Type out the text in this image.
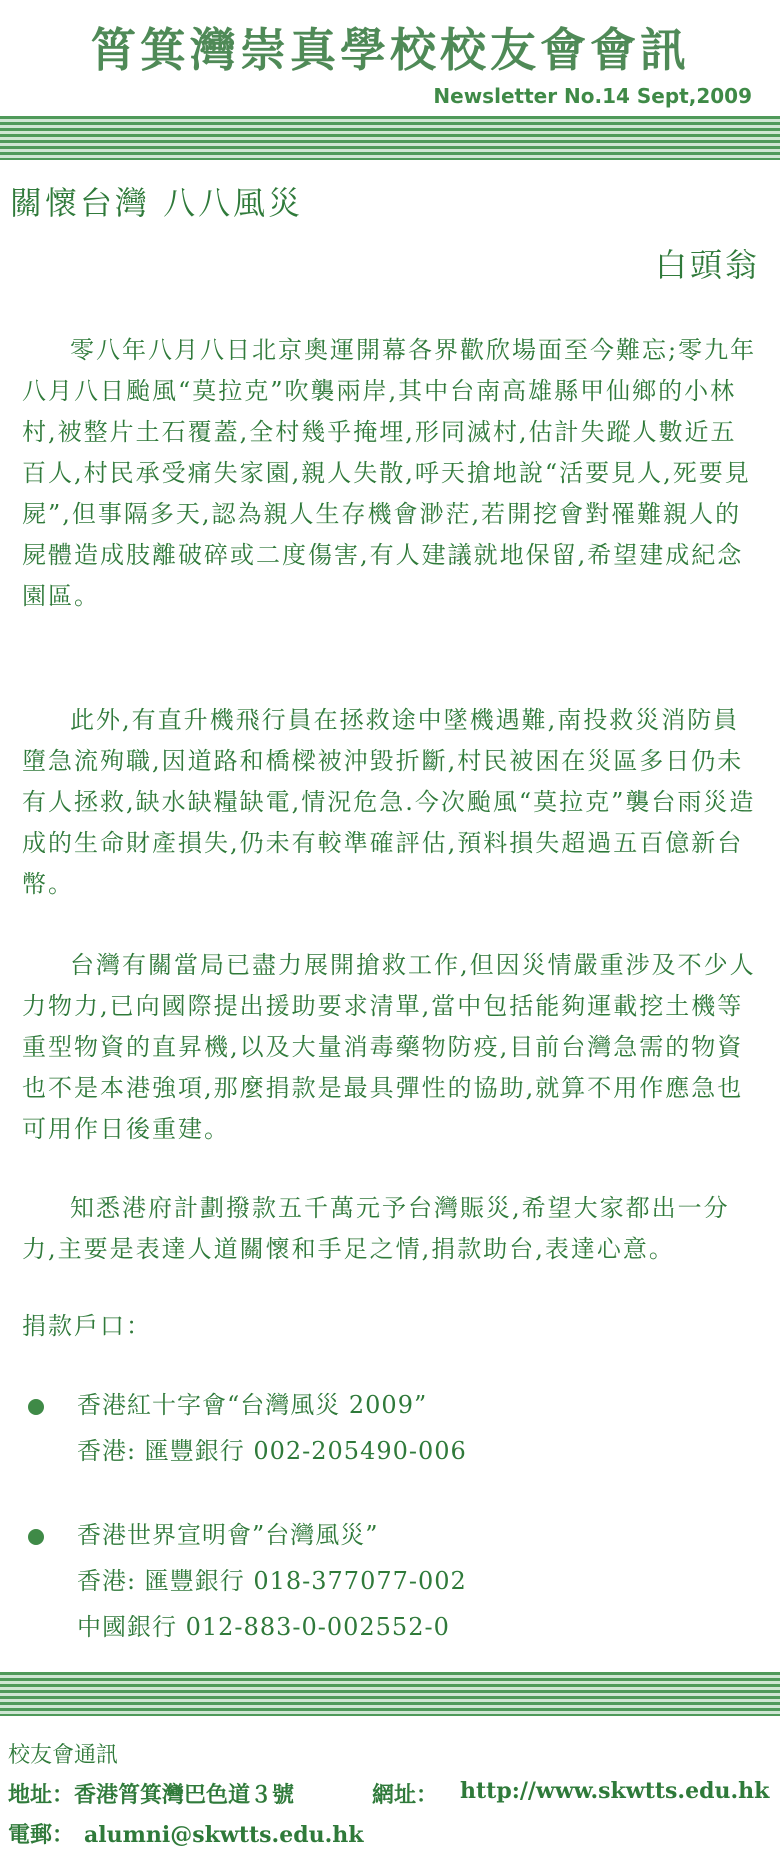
筲箕灣崇真學校校友會會訊
Newsletter No.14 Sept,2009
關懷台灣 八八風災
白頭翁

零八年八月八日北京奧運開幕各界歡欣場面至今難忘;零九年八月八日颱風“莫拉克”吹襲兩岸,其中台南高雄縣甲仙鄉的小林村,被整片土石覆蓋,全村幾乎掩埋,形同滅村,估計失蹤人數近五百人,村民承受痛失家園,親人失散,呼天搶地說“活要見人,死要見屍”,但事隔多天,認為親人生存機會渺茫,若開挖會對罹難親人的屍體造成肢離破碎或二度傷害,有人建議就地保留,希望建成紀念園區。

此外,有直升機飛行員在拯救途中墜機遇難,南投救災消防員墮急流殉職,因道路和橋樑被沖毀折斷,村民被困在災區多日仍未有人拯救,缺水缺糧缺電,情況危急.今次颱風“莫拉克”襲台雨災造成的生命財產損失,仍未有較準確評估,預料損失超過五百億新台幣。

台灣有關當局已盡力展開搶救工作,但因災情嚴重涉及不少人力物力,已向國際提出援助要求清單,當中包括能夠運載挖土機等重型物資的直昇機,以及大量消毒藥物防疫,目前台灣急需的物資也不是本港強項,那麼捐款是最具彈性的協助,就算不用作應急也可用作日後重建。

知悉港府計劃撥款五千萬元予台灣賑災,希望大家都出一分力,主要是表達人道關懷和手足之情,捐款助台,表達心意。

捐款戶口：
香港紅十字會“台灣風災 2009”
香港: 匯豐銀行 002-205490-006
香港世界宣明會”台灣風災”
香港: 匯豐銀行 018-377077-002
中國銀行 012-883-0-002552-0
校友會通訊
地址：香港筲箕灣巴色道３號	網址： http://www.skwtts.edu.hk
電郵： alumni@skwtts.edu.hk
